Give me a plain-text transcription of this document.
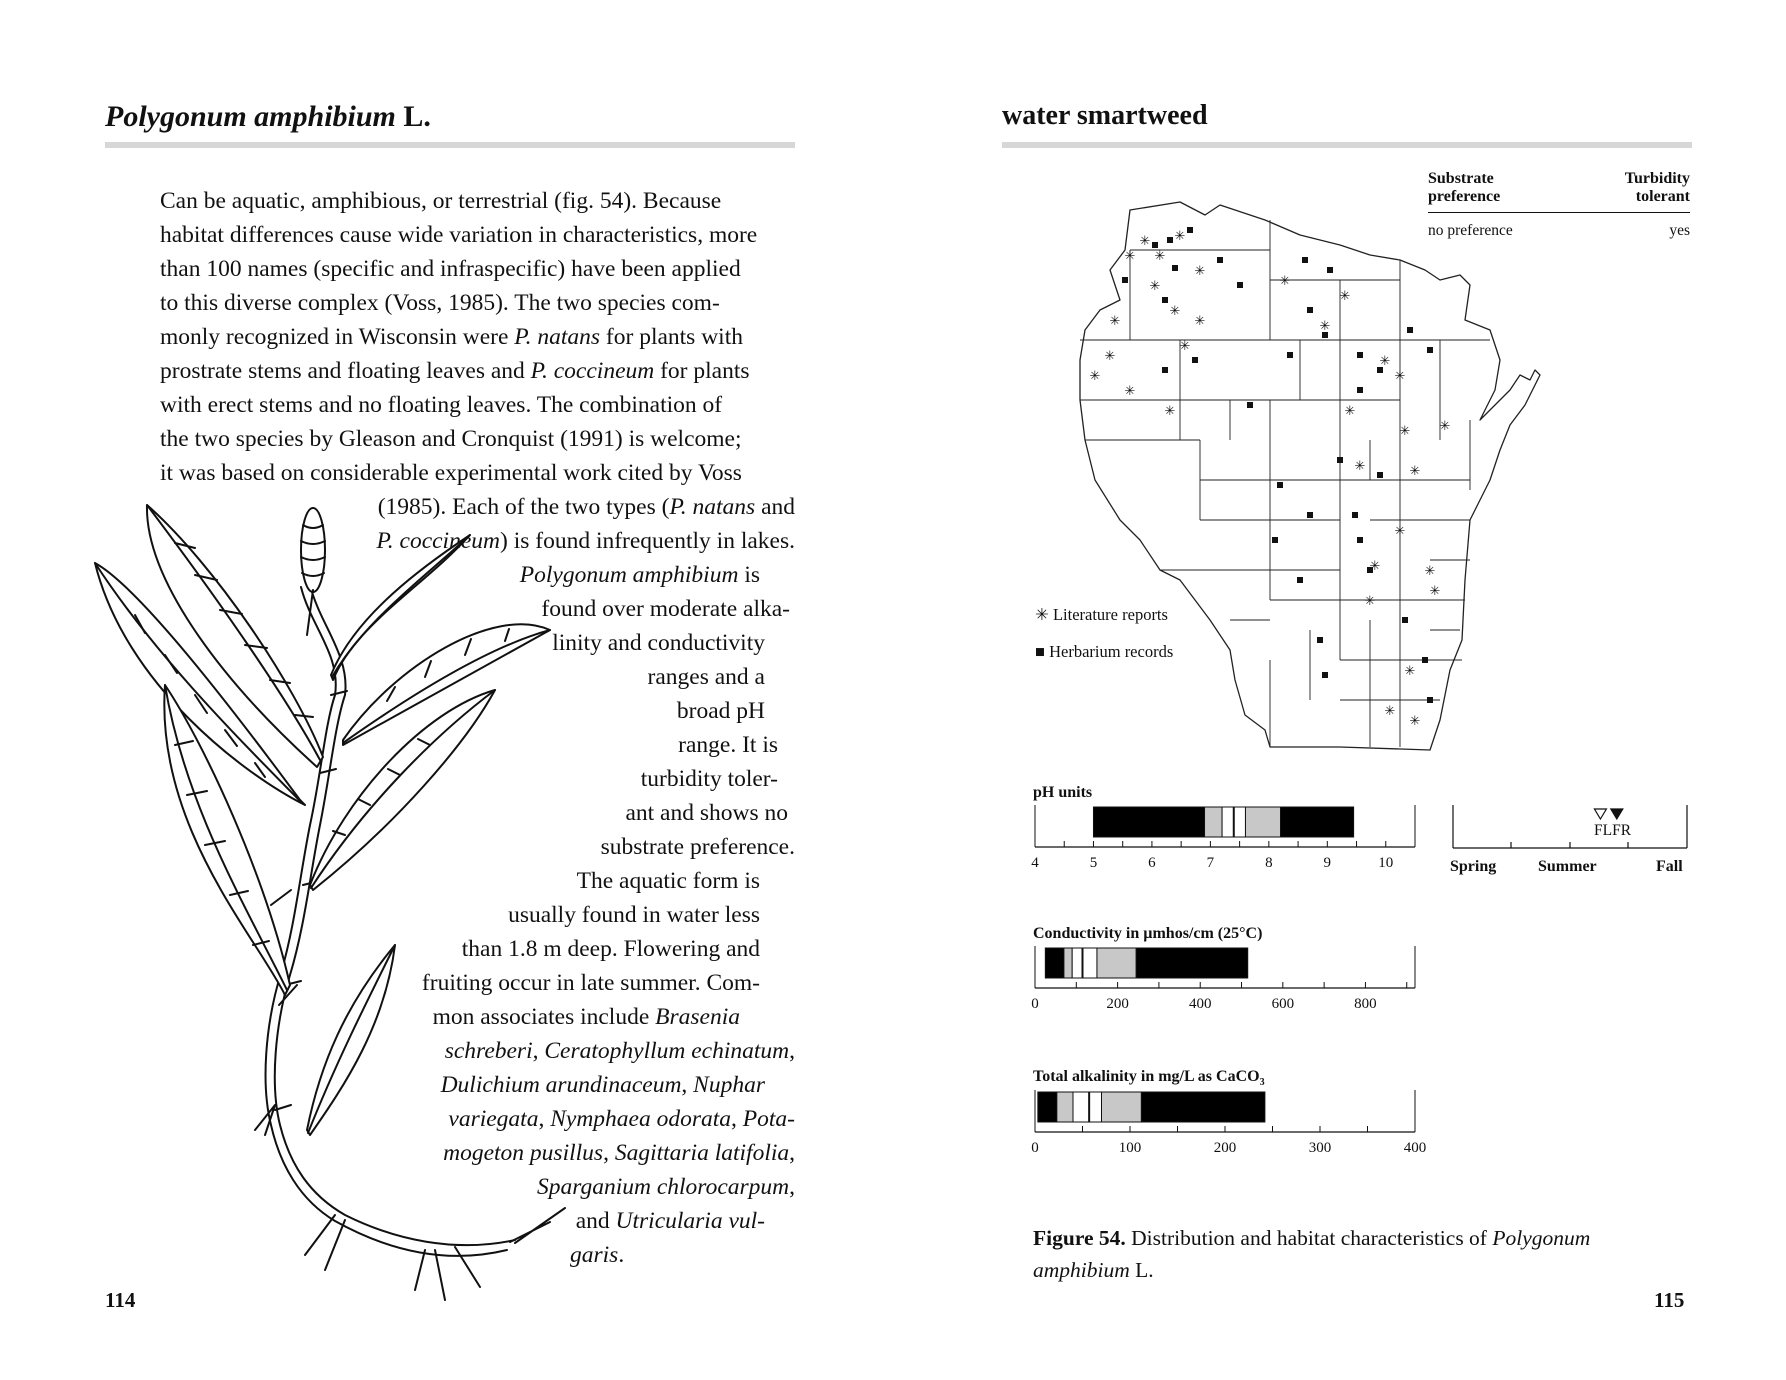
Polygonum amphibium L.
Can be aquatic, amphibious, or terrestrial (fig. 54). Because
habitat differences cause wide variation in characteristics, more
than 100 names (specific and infraspecific) have been applied
to this diverse complex (Voss, 1985). The two species com-
monly recognized in Wisconsin were P. natans for plants with
prostrate stems and floating leaves and P. coccineum for plants
with erect stems and no floating leaves. The combination of
the two species by Gleason and Cronquist (1991) is welcome;
it was based on considerable experimental work cited by Voss
(1985). Each of the two types (P. natans and
P. coccineum) is found infrequently in lakes.
Polygonum amphibium is
found over moderate alka-
linity and conductivity
ranges and a
broad pH
range. It is
turbidity toler-
ant and shows no
substrate preference.
The aquatic form is
usually found in water less
than 1.8 m deep. Flowering and
fruiting occur in late summer. Com-
mon associates include Brasenia
schreberi, Ceratophyllum echinatum,
Dulichium arundinaceum, Nuphar
variegata, Nymphaea odorata, Pota-
mogeton pusillus, Sagittaria latifolia,
Sparganium chlorocarpum,
and Utricularia vul-
garis.
114
water smartweed
Substrate
preference
Turbidity
tolerant
no preference	yes
✳ ✳
✳
✳
✳
✳
✳
✳
✳
✳
✳
✳
✳
✳
✳
✳
✳
✳
✳
✳
✳
✳
✳
✳
✳
✳
✳
✳
✳
✳
✳
✳
✳ Literature reports
■ Herbarium records
pH units
4	5	6	7	8	9	10
FLFR
Spring	Summer	Fall
Conductivity in µmhos/cm (25°C)
0	200	400	600	800
Total alkalinity in mg/L as CaCO$_3$
0	100	200	300	400
Figure 54. Distribution and habitat characteristics of Polygonum amphibium L.
115
